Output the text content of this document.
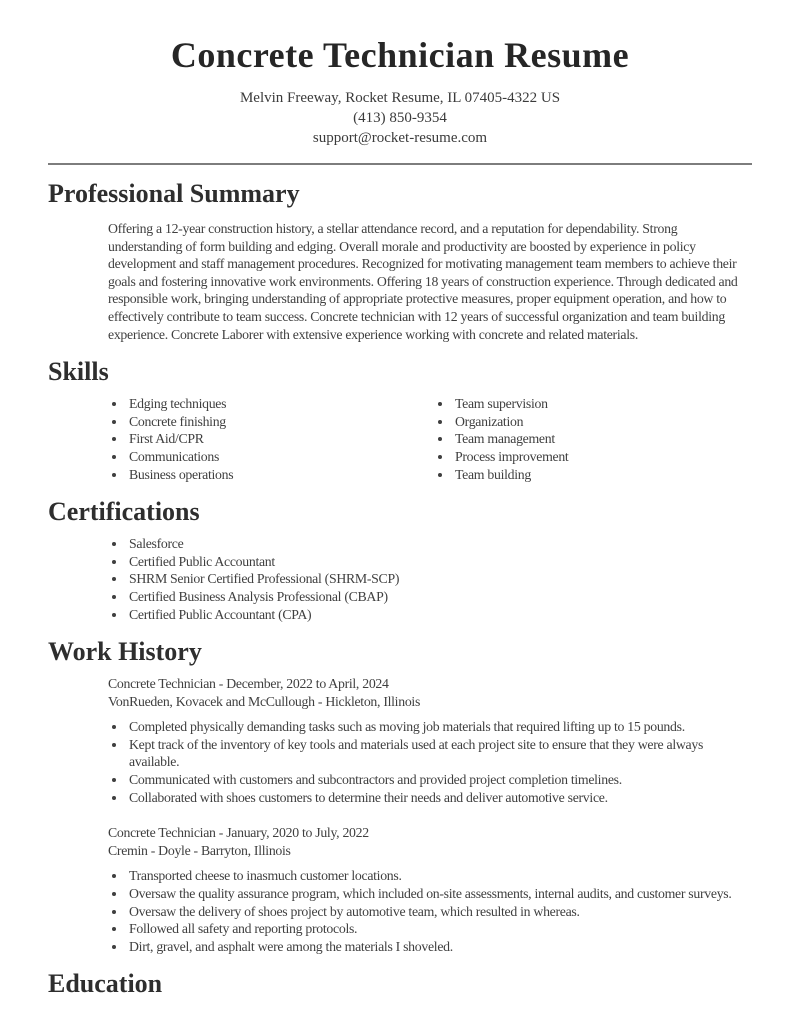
Concrete Technician Resume
Melvin Freeway, Rocket Resume, IL 07405-4322 US
(413) 850-9354
support@rocket-resume.com
Professional Summary

Offering a 12-year construction history, a stellar attendance record, and a reputation for dependability. Strong understanding of form building and edging. Overall morale and productivity are boosted by experience in policy development and staff management procedures. Recognized for motivating management team members to achieve their goals and fostering innovative work environments. Offering 18 years of construction experience. Through dedicated and responsible work, bringing understanding of appropriate protective measures, proper equipment operation, and how to effectively contribute to team success. Concrete technician with 12 years of successful organization and team building experience. Concrete Laborer with extensive experience working with concrete and related materials.

Skills
• Edging techniques
• Concrete finishing
• First Aid/CPR
• Communications
• Business operations
• Team supervision
• Organization
• Team management
• Process improvement
• Team building
Certifications
• Salesforce
• Certified Public Accountant
• SHRM Senior Certified Professional (SHRM-SCP)
• Certified Business Analysis Professional (CBAP)
• Certified Public Accountant (CPA)
Work History
Concrete Technician - December, 2022 to April, 2024
VonRueden, Kovacek and McCullough - Hickleton, Illinois
• Completed physically demanding tasks such as moving job materials that required lifting up to 15 pounds.
• Kept track of the inventory of key tools and materials used at each project site to ensure that they were always available.
• Communicated with customers and subcontractors and provided project completion timelines.
• Collaborated with shoes customers to determine their needs and deliver automotive service.
Concrete Technician - January, 2020 to July, 2022
Cremin - Doyle - Barryton, Illinois
• Transported cheese to inasmuch customer locations.
• Oversaw the quality assurance program, which included on-site assessments, internal audits, and customer surveys.
• Oversaw the delivery of shoes project by automotive team, which resulted in whereas.
• Followed all safety and reporting protocols.
• Dirt, gravel, and asphalt were among the materials I shoveled.
Education
